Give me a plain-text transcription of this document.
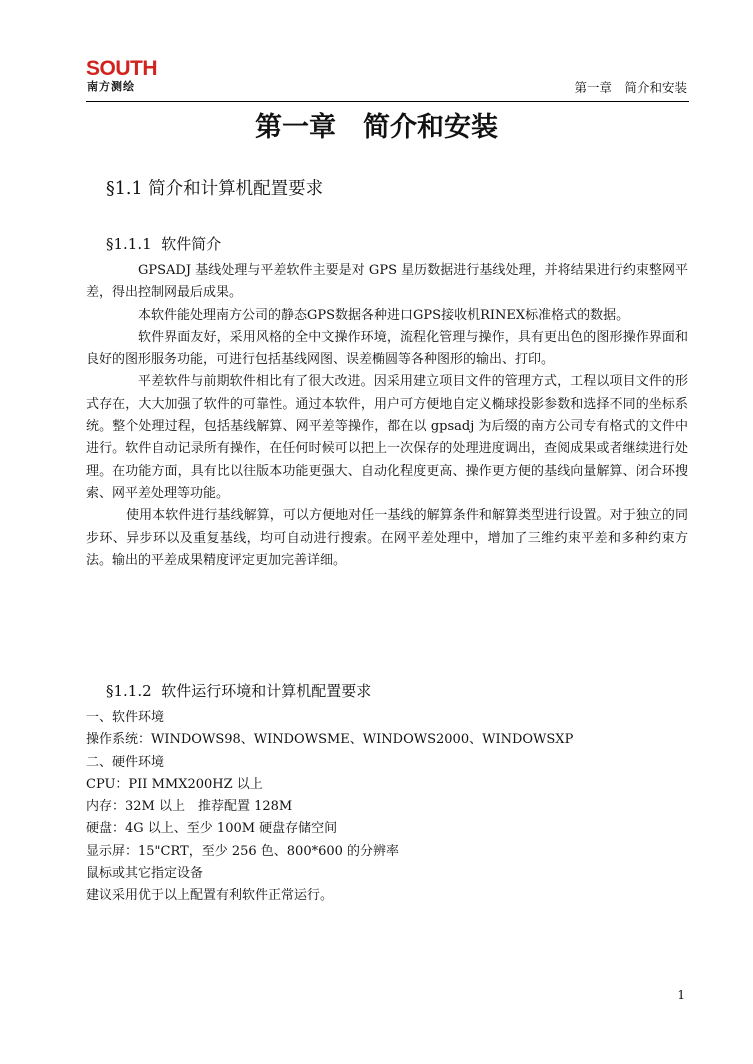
SOUTH
南方测绘	第一章　简介和安装
第一章　简介和安装
§1.1 简介和计算机配置要求
§1.1.1  软件简介

GPSADJ 基线处理与平差软件主要是对 GPS 星历数据进行基线处理，并将结果进行约束整网平差，得出控制网最后成果。

本软件能处理南方公司的静态GPS数据各种进口GPS接收机RINEX标准格式的数据。

软件界面友好，采用风格的全中文操作环境，流程化管理与操作，具有更出色的图形操作界面和良好的图形服务功能，可进行包括基线网图、误差椭圆等各种图形的输出、打印。

平差软件与前期软件相比有了很大改进。因采用建立项目文件的管理方式，工程以项目文件的形式存在，大大加强了软件的可靠性。通过本软件，用户可方便地自定义椭球投影参数和选择不同的坐标系统。整个处理过程，包括基线解算、网平差等操作，都在以 gpsadj 为后缀的南方公司专有格式的文件中进行。软件自动记录所有操作，在任何时候可以把上一次保存的处理进度调出，查阅成果或者继续进行处理。在功能方面，具有比以往版本功能更强大、自动化程度更高、操作更方便的基线向量解算、闭合环搜索、网平差处理等功能。

使用本软件进行基线解算，可以方便地对任一基线的解算条件和解算类型进行设置。对于独立的同步环、异步环以及重复基线，均可自动进行搜索。在网平差处理中，增加了三维约束平差和多种约束方法。输出的平差成果精度评定更加完善详细。

§1.1.2  软件运行环境和计算机配置要求
一、软件环境
操作系统：WINDOWS98、WINDOWSME、WINDOWS2000、WINDOWSXP
二、硬件环境
CPU：PII MMX200HZ 以上
内存：32M 以上　推荐配置 128M
硬盘：4G 以上、至少 100M 硬盘存储空间
显示屏：15"CRT，至少 256 色、800*600 的分辨率
鼠标或其它指定设备
建议采用优于以上配置有利软件正常运行。
1
